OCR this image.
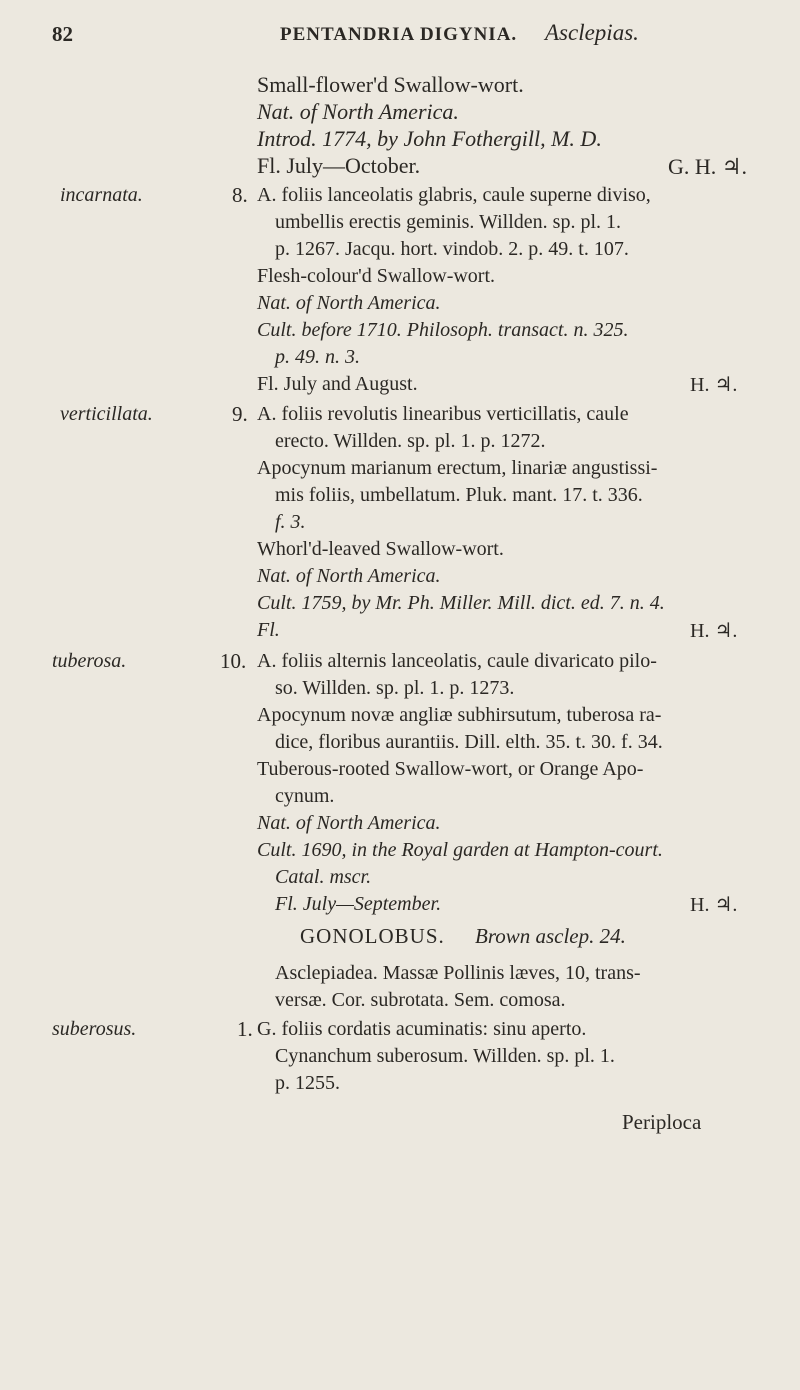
82	PENTANDRIA DIGYNIA. Asclepias.
Small-flower'd Swallow-wort.
Nat. of North America.
Introd. 1774, by John Fothergill, M. D.
Fl. July—October.	G. H. ♃.
incarnata.	8. A. foliis lanceolatis glabris, caule superne diviso,
umbellis erectis geminis. Willden. sp. pl. 1.
p. 1267. Jacqu. hort. vindob. 2. p. 49. t. 107.
Flesh-colour'd Swallow-wort.
Nat. of North America.
Cult. before 1710. Philosoph. transact. n. 325.
p. 49. n. 3.
Fl. July and August.	H. ♃.
verticillata.	9. A. foliis revolutis linearibus verticillatis, caule
erecto. Willden. sp. pl. 1. p. 1272.
Apocynum marianum erectum, linariæ angustissi-
mis foliis, umbellatum. Pluk. mant. 17. t. 336.
f. 3.
Whorl'd-leaved Swallow-wort.
Nat. of North America.
Cult. 1759, by Mr. Ph. Miller. Mill. dict. ed. 7. n. 4.
Fl.	H. ♃.
tuberosa.	10. A. foliis alternis lanceolatis, caule divaricato pilo-
so. Willden. sp. pl. 1. p. 1273.
Apocynum novæ angliæ subhirsutum, tuberosa ra-
dice, floribus aurantiis. Dill. elth. 35. t. 30. f. 34.
Tuberous-rooted Swallow-wort, or Orange Apo-
cynum.
Nat. of North America.
Cult. 1690, in the Royal garden at Hampton-court.
Catal. mscr.
Fl. July—September.	H. ♃.
GONOLOBUS. Brown asclep. 24.
Asclepiadea. Massæ Pollinis læves, 10, trans-
versæ. Cor. subrotata. Sem. comosa.
suberosus.	1. G. foliis cordatis acuminatis: sinu aperto.
Cynanchum suberosum. Willden. sp. pl. 1.
p. 1255.
Periploca
